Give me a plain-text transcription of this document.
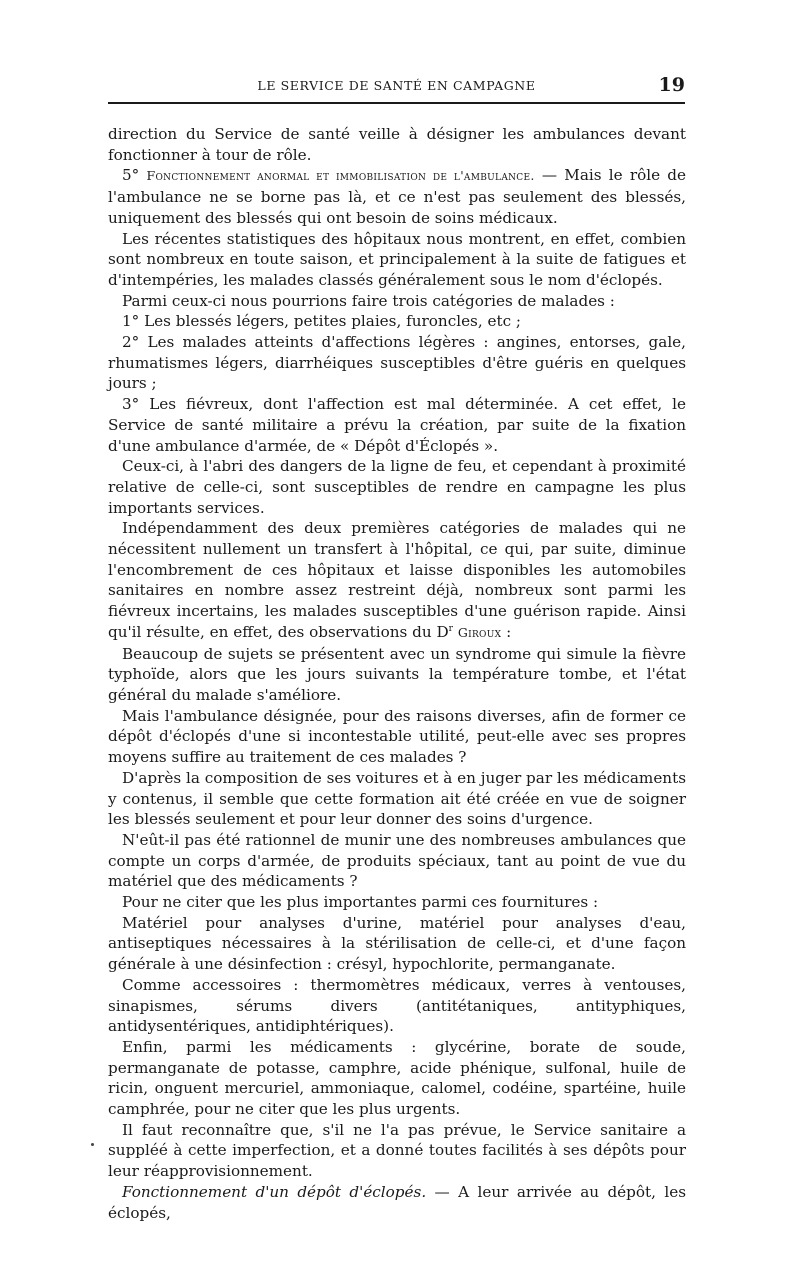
LE SERVICE DE SANTÉ EN CAMPAGNE	19

direction du Service de santé veille à désigner les ambulances devant fonctionner à tour de rôle.

5° Fonctionnement anormal et immobilisation de l'ambulance. — Mais le rôle de l'ambulance ne se borne pas là, et ce n'est pas seulement des blessés, uniquement des blessés qui ont besoin de soins médicaux.

Les récentes statistiques des hôpitaux nous montrent, en effet, combien sont nombreux en toute saison, et principalement à la suite de fatigues et d'intempéries, les malades classés généralement sous le nom d'éclopés.

Parmi ceux-ci nous pourrions faire trois catégories de malades :

1° Les blessés légers, petites plaies, furoncles, etc ;

2° Les malades atteints d'affections légères : angines, entorses, gale, rhumatismes légers, diarrhéiques susceptibles d'être guéris en quelques jours ;

3° Les fiévreux, dont l'affection est mal déterminée. A cet effet, le Service de santé militaire a prévu la création, par suite de la fixation d'une ambulance d'armée, de « Dépôt d'Éclopés ».

Ceux-ci, à l'abri des dangers de la ligne de feu, et cependant à proximité relative de celle-ci, sont susceptibles de rendre en campagne les plus importants services.

Indépendamment des deux premières catégories de malades qui ne nécessitent nullement un transfert à l'hôpital, ce qui, par suite, diminue l'encombrement de ces hôpitaux et laisse disponibles les automobiles sanitaires en nombre assez restreint déjà, nombreux sont parmi les fiévreux incertains, les malades susceptibles d'une guérison rapide. Ainsi qu'il résulte, en effet, des observations du $D^r$ Giroux :

Beaucoup de sujets se présentent avec un syndrome qui simule la fièvre typhoïde, alors que les jours suivants la température tombe, et l'état général du malade s'améliore.

Mais l'ambulance désignée, pour des raisons diverses, afin de former ce dépôt d'éclopés d'une si incontestable utilité, peut-elle avec ses propres moyens suffire au traitement de ces malades ?

D'après la composition de ses voitures et à en juger par les médicaments y contenus, il semble que cette formation ait été créée en vue de soigner les blessés seulement et pour leur donner des soins d'urgence.

N'eût-il pas été rationnel de munir une des nombreuses ambulances que compte un corps d'armée, de produits spéciaux, tant au point de vue du matériel que des médicaments ?

Pour ne citer que les plus importantes parmi ces fournitures :

Matériel pour analyses d'urine, matériel pour analyses d'eau, antiseptiques nécessaires à la stérilisation de celle-ci, et d'une façon générale à une désinfection : crésyl, hypochlorite, permanganate.

Comme accessoires : thermomètres médicaux, verres à ventouses, sinapismes, sérums divers (antitétaniques, antityphiques, antidysentériques, antidiphtériques).

Enfin, parmi les médicaments : glycérine, borate de soude, permanganate de potasse, camphre, acide phénique, sulfonal, huile de ricin, onguent mercuriel, ammoniaque, calomel, codéine, spartéine, huile camphrée, pour ne citer que les plus urgents.

Il faut reconnaître que, s'il ne l'a pas prévue, le Service sanitaire a suppléé à cette imperfection, et a donné toutes facilités à ses dépôts pour leur réapprovisionnement.

Fonctionnement d'un dépôt d'éclopés. — A leur arrivée au dépôt, les éclopés,
